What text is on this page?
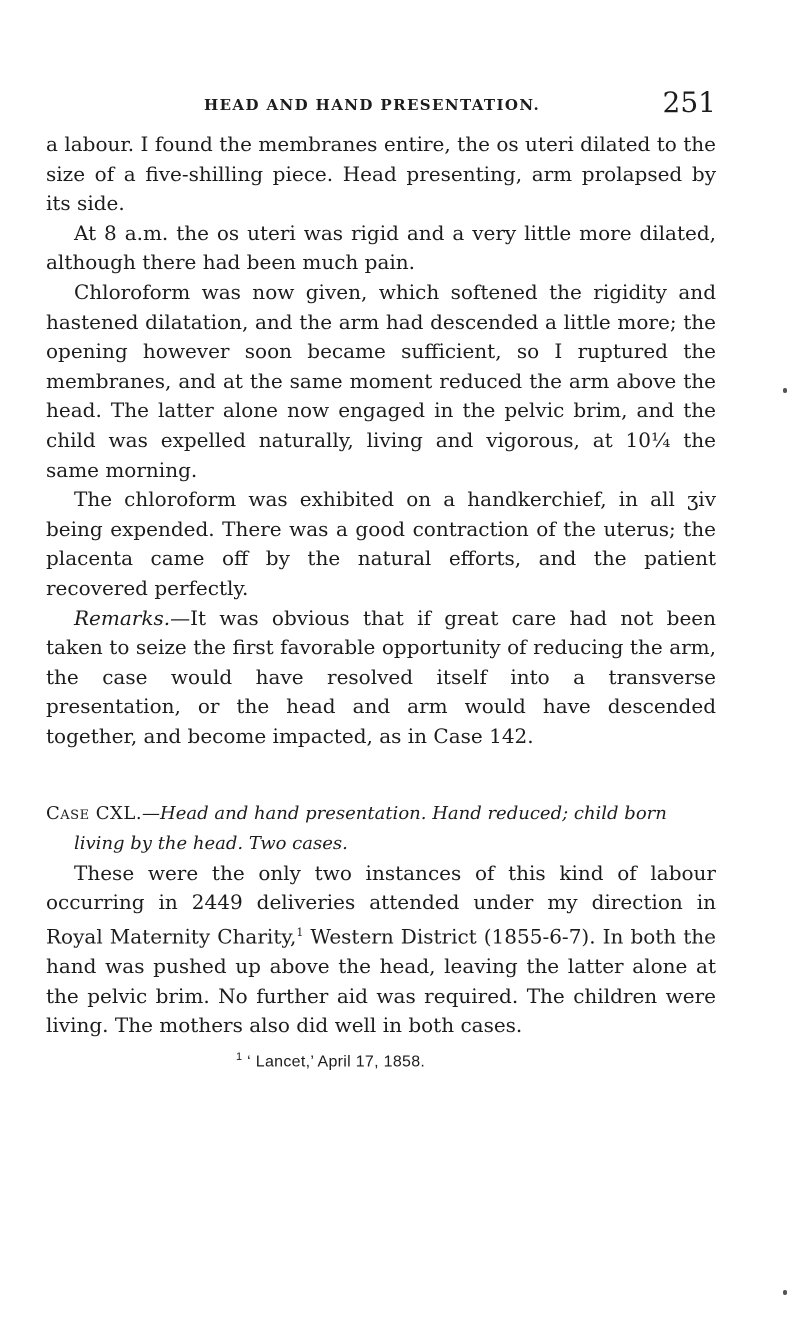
HEAD AND HAND PRESENTATION.	251

a labour. I found the membranes entire, the os uteri dilated to the size of a five-shilling piece. Head presenting, arm prolapsed by its side.

At 8 a.m. the os uteri was rigid and a very little more dilated, although there had been much pain.

Chloroform was now given, which softened the rigidity and hastened dilatation, and the arm had descended a little more; the opening however soon became sufficient, so I ruptured the membranes, and at the same moment reduced the arm above the head. The latter alone now engaged in the pelvic brim, and the child was expelled naturally, living and vigorous, at 10¼ the same morning.

The chloroform was exhibited on a handkerchief, in all ʒiv being expended. There was a good contraction of the uterus; the placenta came off by the natural efforts, and the patient recovered perfectly.

Remarks.—It was obvious that if great care had not been taken to seize the first favorable opportunity of reducing the arm, the case would have resolved itself into a transverse presentation, or the head and arm would have descended together, and become impacted, as in Case 142.

Case CXL.—Head and hand presentation. Hand reduced; child born living by the head. Two cases.

These were the only two instances of this kind of labour occurring in 2449 deliveries attended under my direction in Royal Maternity Charity,$^1$ Western District (1855-6-7). In both the hand was pushed up above the head, leaving the latter alone at the pelvic brim. No further aid was required. The children were living. The mothers also did well in both cases.

$^1$ ‘ Lancet,’ April 17, 1858.
